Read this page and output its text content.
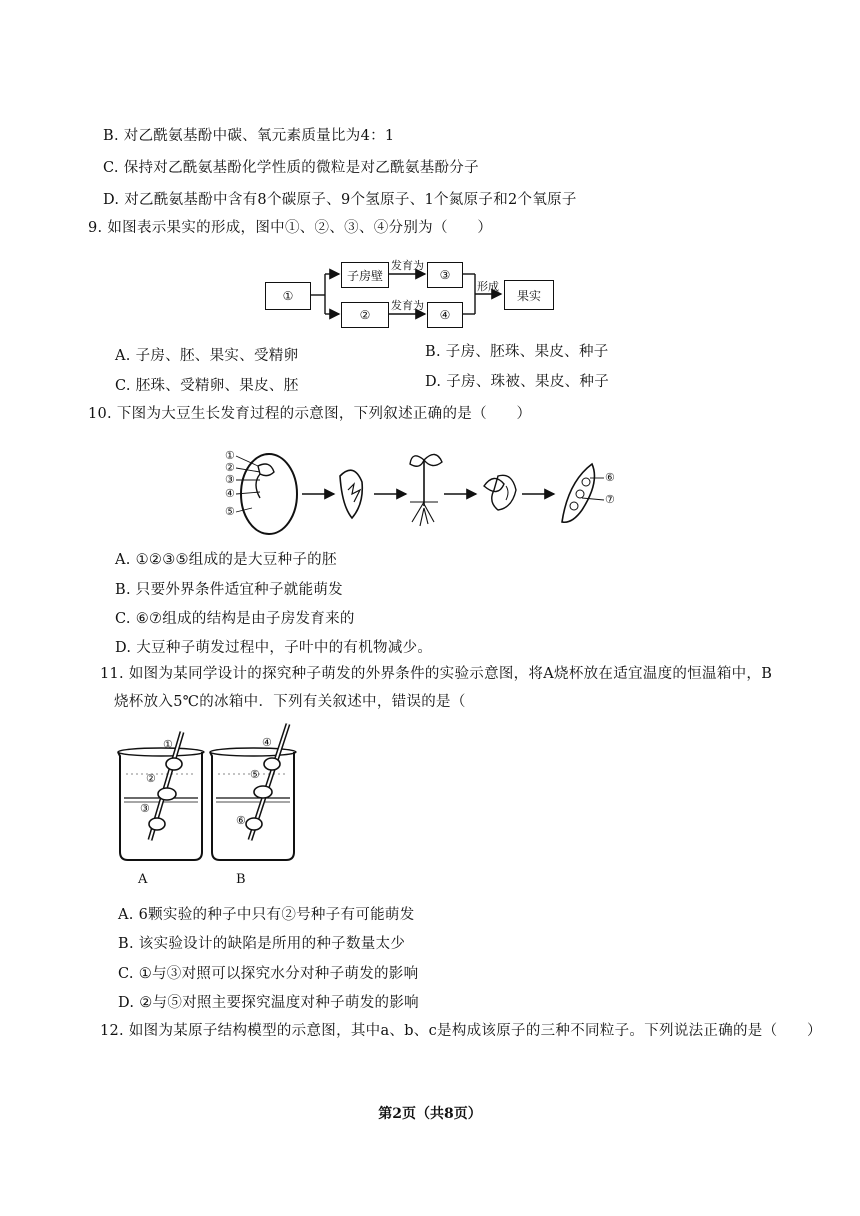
B. 对乙酰氨基酚中碳、氧元素质量比为4：1
C. 保持对乙酰氨基酚化学性质的微粒是对乙酰氨基酚分子
D. 对乙酰氨基酚中含有8个碳原子、9个氢原子、1个氮原子和2个氧原子
9. 如图表示果实的形成，图中①、②、③、④分别为（　　）
①
子房壁
②
③
④
果实
发育为
发育为
形成
A. 子房、胚、果实、受精卵	B. 子房、胚珠、果皮、种子
C. 胚珠、受精卵、果皮、胚	D. 子房、珠被、果皮、种子
10. 下图为大豆生长发育过程的示意图，下列叙述正确的是（　　）
①
②
③
④
⑤
⑥
⑦
A. ①②③⑤组成的是大豆种子的胚
B. 只要外界条件适宜种子就能萌发
C. ⑥⑦组成的结构是由子房发育来的
D. 大豆种子萌发过程中，子叶中的有机物减少。
11. 如图为某同学设计的探究种子萌发的外界条件的实验示意图，将A烧杯放在适宜温度的恒温箱中，B
烧杯放入5℃的冰箱中．下列有关叙述中，错误的是（
①
②
③
④
⑤
⑥
A	B
A. 6颗实验的种子中只有②号种子有可能萌发
B. 该实验设计的缺陷是所用的种子数量太少
C. ①与③对照可以探究水分对种子萌发的影响
D. ②与⑤对照主要探究温度对种子萌发的影响
12. 如图为某原子结构模型的示意图，其中a、b、c是构成该原子的三种不同粒子。下列说法正确的是（　　）
第2页（共8页）
